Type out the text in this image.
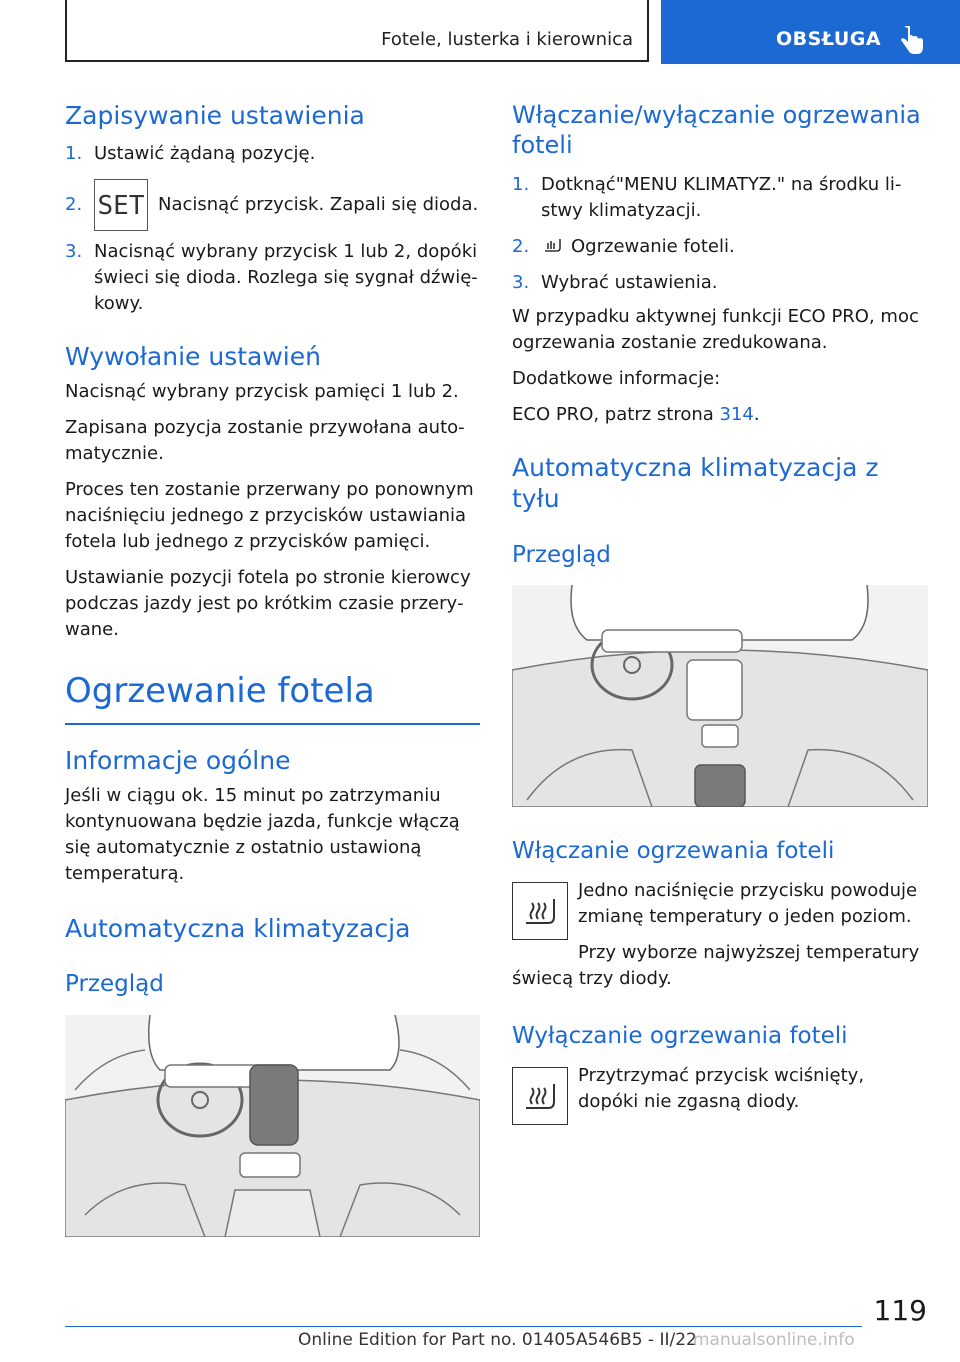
Fotele, lusterka i kierownica	OBSŁUGA
Zapisywanie ustawienia
1. Ustawić żądaną pozycję.
2. SET Nacisnąć przycisk. Zapali się dioda.
3. Nacisnąć wybrany przycisk 1 lub 2, dopóki świeci się dioda. Rozlega się sygnał dźwiękowy.
Wywołanie ustawień

Nacisnąć wybrany przycisk pamięci 1 lub 2.

Zapisana pozycja zostanie przywołana automatycznie.

Proces ten zostanie przerwany po ponownym naciśnięciu jednego z przycisków ustawiania fotela lub jednego z przycisków pamięci.

Ustawianie pozycji fotela po stronie kierowcy podczas jazdy jest po krótkim czasie przerywane.

Ogrzewanie fotela
Informacje ogólne

Jeśli w ciągu ok. 15 minut po zatrzymaniu kontynuowana będzie jazda, funkcje włączą się automatycznie z ostatnio ustawioną temperaturą.

Automatyczna klimatyzacja
Przegląd
Włączanie/wyłączanie ogrzewania foteli
1. Dotknąć"MENU KLIMATYZ." na środku listwy klimatyzacji.
2. Ogrzewanie foteli.
3. Wybrać ustawienia.

W przypadku aktywnej funkcji ECO PRO, moc ogrzewania zostanie zredukowana.

Dodatkowe informacje:

ECO PRO, patrz strona 314.

Automatyczna klimatyzacja z tyłu
Przegląd
Włączanie ogrzewania foteli

Jedno naciśnięcie przycisku powoduje zmianę temperatury o jeden poziom.

Przy wyborze najwyższej temperatury świecą trzy diody.

Wyłączanie ogrzewania foteli

Przytrzymać przycisk wciśnięty, dopóki nie zgasną diody.

119
Online Edition for Part no. 01405A546B5 - II/22
manualsonline.info
